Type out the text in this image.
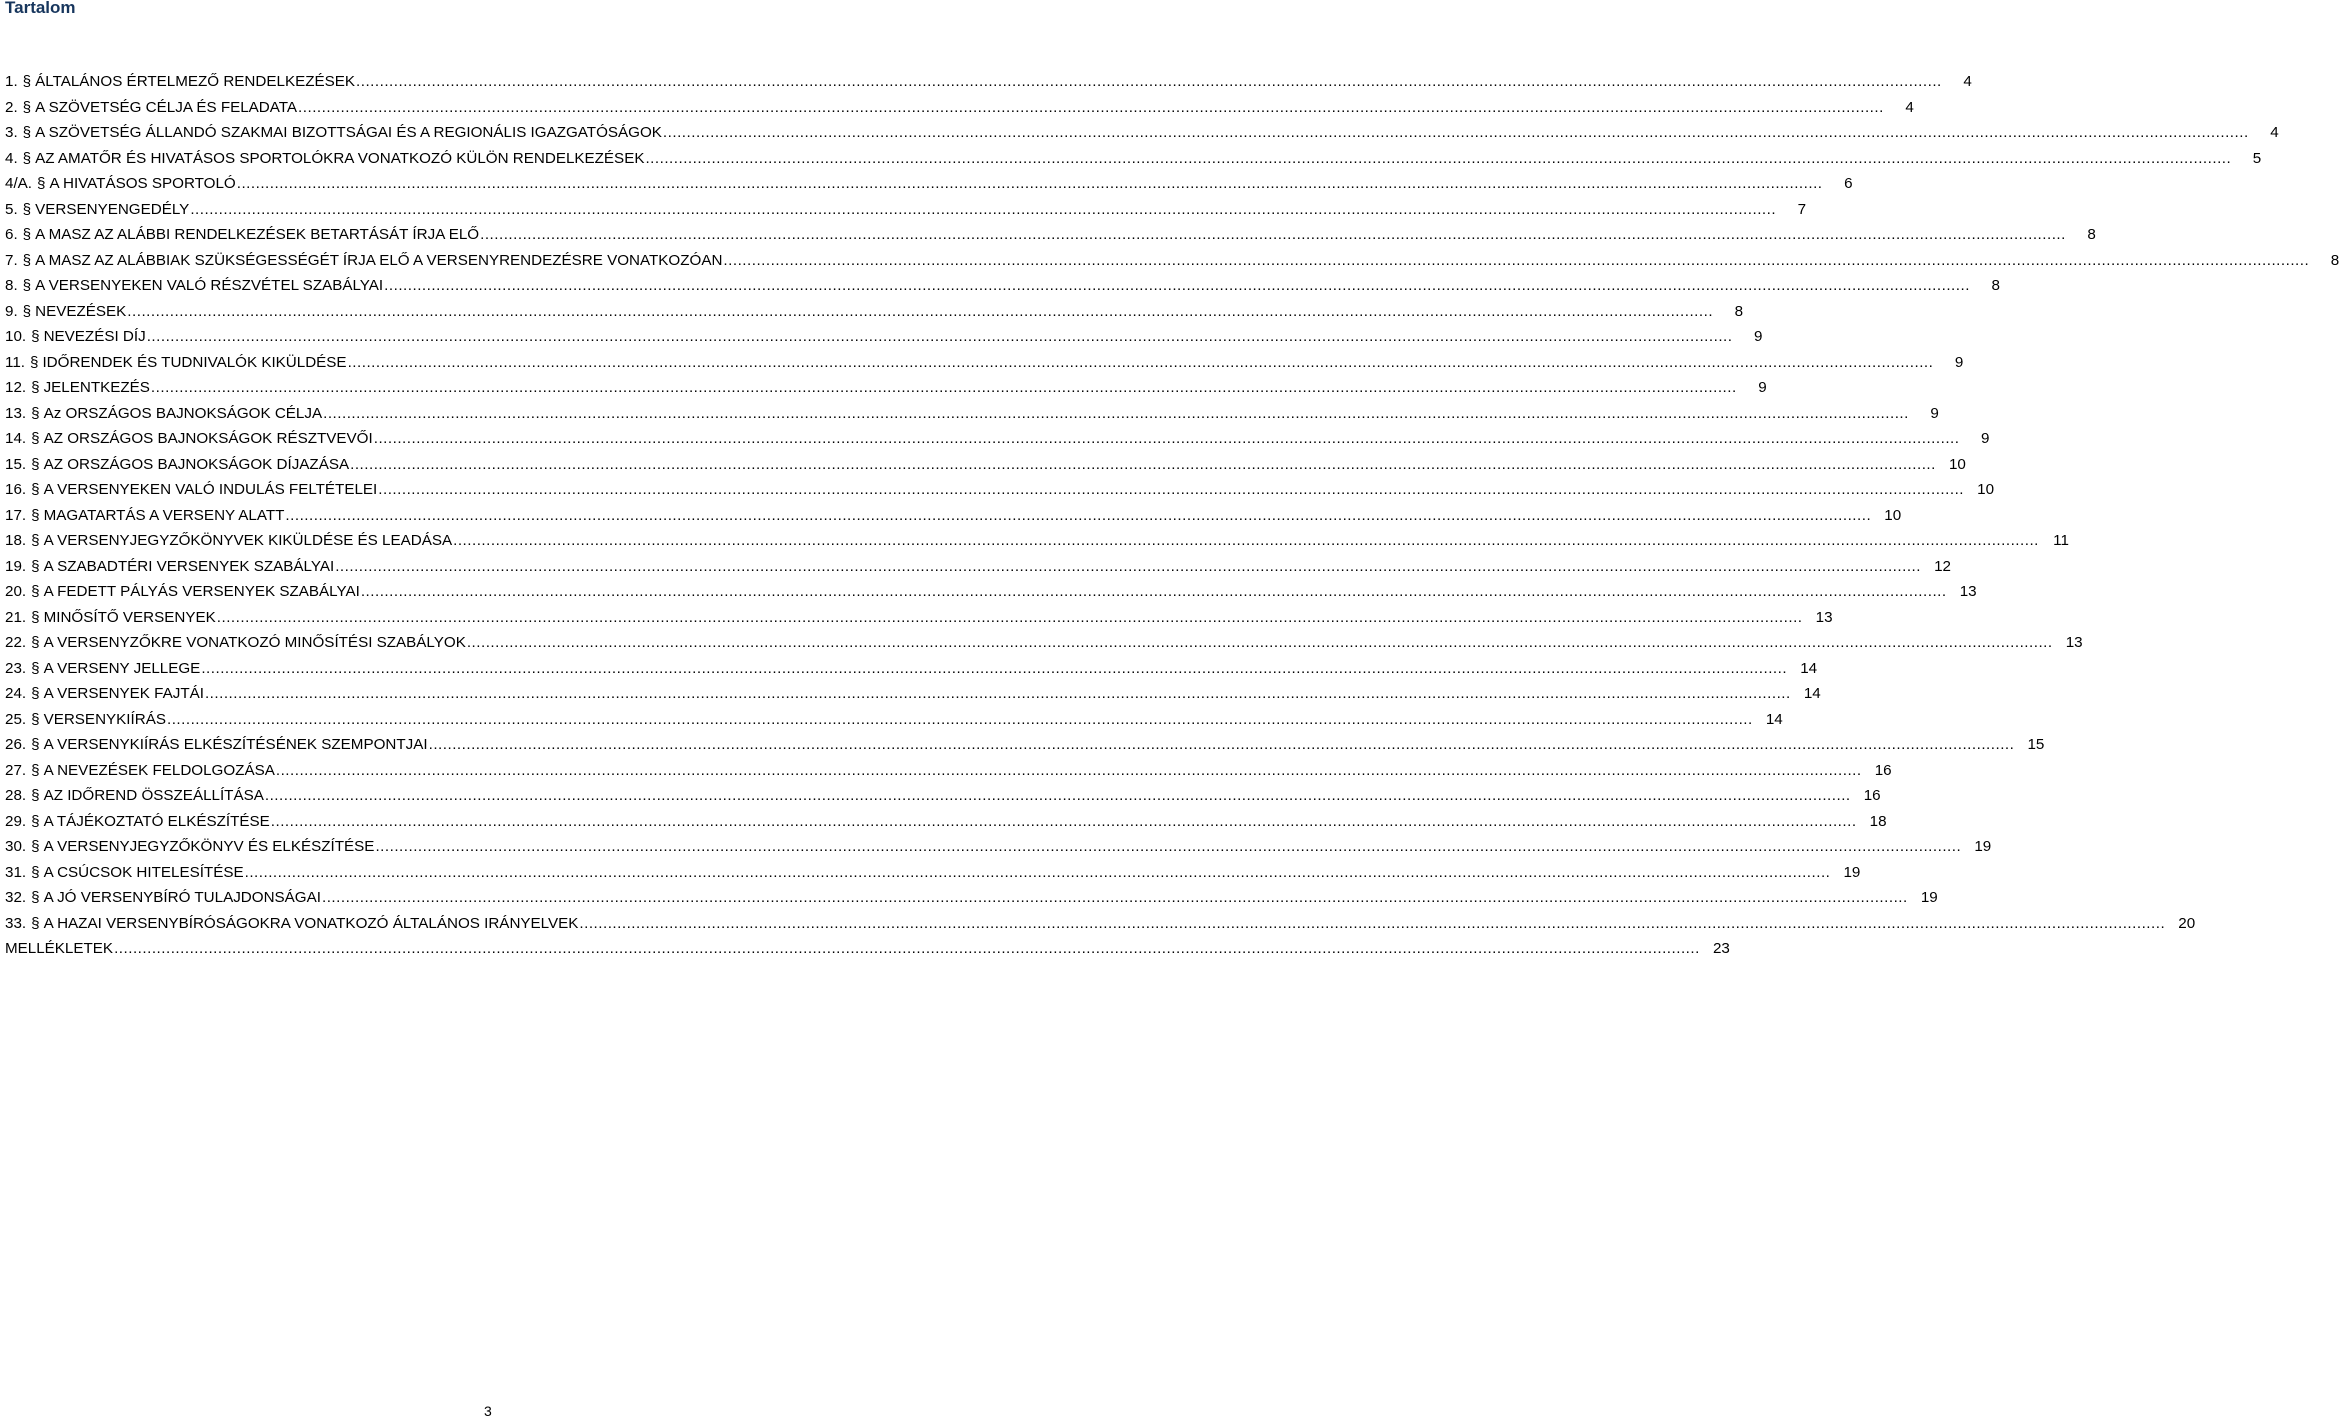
Tartalom
1. § ÁLTALÁNOS ÉRTELMEZŐ RENDELKEZÉSEK .....	4
2. § A SZÖVETSÉG CÉLJA ÉS FELADATA .....	4
3. § A SZÖVETSÉG ÁLLANDÓ SZAKMAI BIZOTTSÁGAI ÉS A REGIONÁLIS IGAZGATÓSÁGOK .....	4
4. § AZ AMATŐR ÉS HIVATÁSOS SPORTOLÓKRA VONATKOZÓ KÜLÖN RENDELKEZÉSEK .....	5
4/A. § A HIVATÁSOS SPORTOLÓ .....	6
5. § VERSENYENGEDÉLY .....	7
6. § A MASZ AZ ALÁBBI RENDELKEZÉSEK BETARTÁSÁT ÍRJA ELŐ .....	8
7. § A MASZ AZ ALÁBBIAK SZÜKSÉGESSÉGÉT ÍRJA ELŐ A VERSENYRENDEZÉSRE VONATKOZÓAN .....	8
8. § A VERSENYEKEN VALÓ RÉSZVÉTEL SZABÁLYAI .....	8
9. § NEVEZÉSEK .....	8
10. § NEVEZÉSI DÍJ .....	9
11. § IDŐRENDEK ÉS TUDNIVALÓK KIKÜLDÉSE .....	9
12. § JELENTKEZÉS .....	9
13. § Az ORSZÁGOS BAJNOKSÁGOK CÉLJA .....	9
14. § AZ ORSZÁGOS BAJNOKSÁGOK RÉSZTVEVŐI .....	9
15. § AZ ORSZÁGOS BAJNOKSÁGOK DÍJAZÁSA .....	10
16. § A VERSENYEKEN VALÓ INDULÁS FELTÉTELEI .....	10
17. § MAGATARTÁS A VERSENY ALATT .....	10
18. § A VERSENYJEGYZŐKÖNYVEK KIKÜLDÉSE ÉS LEADÁSA .....	11
19. § A SZABADTÉRI VERSENYEK SZABÁLYAI .....	12
20. § A FEDETT PÁLYÁS VERSENYEK SZABÁLYAI .....	13
21. § MINŐSÍTŐ VERSENYEK .....	13
22. § A VERSENYZŐKRE VONATKOZÓ MINŐSÍTÉSI SZABÁLYOK .....	13
23. § A VERSENY JELLEGE .....	14
24. § A VERSENYEK FAJTÁI .....	14
25. § VERSENYKIÍRÁS .....	14
26. § A VERSENYKIÍRÁS ELKÉSZÍTÉSÉNEK SZEMPONTJAI .....	15
27. § A NEVEZÉSEK FELDOLGOZÁSA .....	16
28. § AZ IDŐREND ÖSSZEÁLLÍTÁSA .....	16
29. § A TÁJÉKOZTATÓ ELKÉSZÍTÉSE .....	18
30. § A VERSENYJEGYZŐKÖNYV ÉS ELKÉSZÍTÉSE .....	19
31. § A CSÚCSOK HITELESÍTÉSE .....	19
32. § A JÓ VERSENYBÍRÓ TULAJDONSÁGAI .....	19
33. § A HAZAI VERSENYBÍRÓSÁGOKRA VONATKOZÓ ÁLTALÁNOS IRÁNYELVEK .....	20
MELLÉKLETEK .....	23
3
